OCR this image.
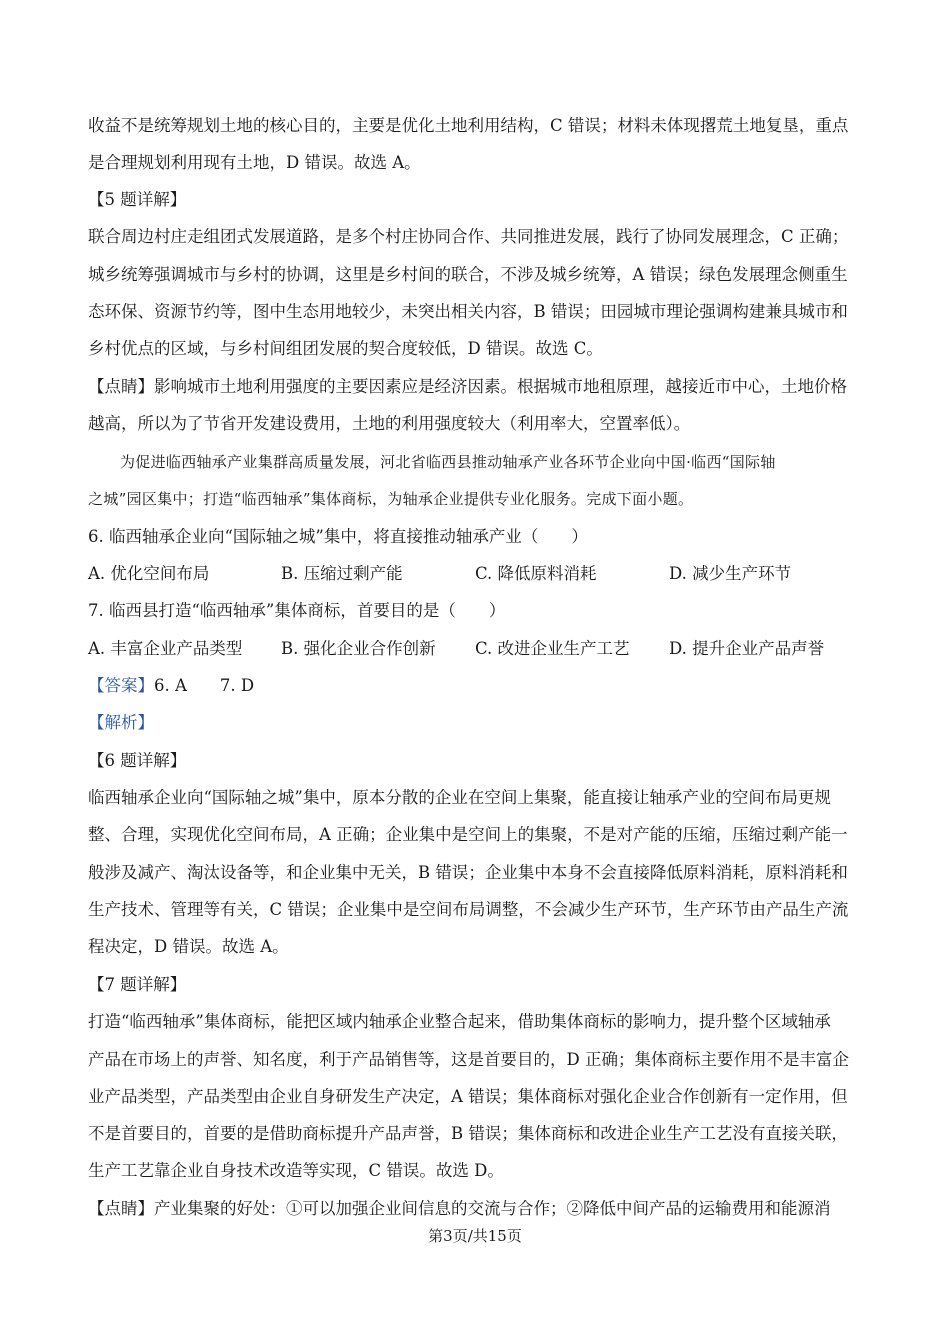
收益不是统筹规划土地的核心目的，主要是优化土地利用结构，C 错误；材料未体现撂荒土地复垦，重点
是合理规划利用现有土地，D 错误。故选 A。
【5 题详解】
联合周边村庄走组团式发展道路，是多个村庄协同合作、共同推进发展，践行了协同发展理念，C 正确；
城乡统筹强调城市与乡村的协调，这里是乡村间的联合，不涉及城乡统筹，A 错误；绿色发展理念侧重生
态环保、资源节约等，图中生态用地较少，未突出相关内容，B 错误；田园城市理论强调构建兼具城市和
乡村优点的区域，与乡村间组团发展的契合度较低，D 错误。故选 C。
【点睛】影响城市土地利用强度的主要因素应是经济因素。根据城市地租原理，越接近市中心，土地价格
越高，所以为了节省开发建设费用，土地的利用强度较大（利用率大，空置率低）。
为促进临西轴承产业集群高质量发展，河北省临西县推动轴承产业各环节企业向中国·临西“国际轴
之城”园区集中；打造“临西轴承”集体商标，为轴承企业提供专业化服务。完成下面小题。
6. 临西轴承企业向“国际轴之城”集中，将直接推动轴承产业（　　）
A. 优化空间布局	B. 压缩过剩产能	C. 降低原料消耗	D. 减少生产环节
7. 临西县打造“临西轴承”集体商标，首要目的是（　　）
A. 丰富企业产品类型 B. 强化企业合作创新 C. 改进企业生产工艺 D. 提升企业产品声誉
【答案】6. A　　7. D
【解析】
【6 题详解】
临西轴承企业向“国际轴之城”集中，原本分散的企业在空间上集聚，能直接让轴承产业的空间布局更规
整、合理，实现优化空间布局，A 正确；企业集中是空间上的集聚，不是对产能的压缩，压缩过剩产能一
般涉及减产、淘汰设备等，和企业集中无关，B 错误；企业集中本身不会直接降低原料消耗，原料消耗和
生产技术、管理等有关，C 错误；企业集中是空间布局调整，不会减少生产环节，生产环节由产品生产流
程决定，D 错误。故选 A。
【7 题详解】
打造“临西轴承”集体商标，能把区域内轴承企业整合起来，借助集体商标的影响力，提升整个区域轴承
产品在市场上的声誉、知名度，利于产品销售等，这是首要目的，D 正确；集体商标主要作用不是丰富企
业产品类型，产品类型由企业自身研发生产决定，A 错误；集体商标对强化企业合作创新有一定作用，但
不是首要目的，首要的是借助商标提升产品声誉，B 错误；集体商标和改进企业生产工艺没有直接关联，
生产工艺靠企业自身技术改造等实现，C 错误。故选 D。
【点睛】产业集聚的好处：①可以加强企业间信息的交流与合作；②降低中间产品的运输费用和能源消
第3页/共15页
